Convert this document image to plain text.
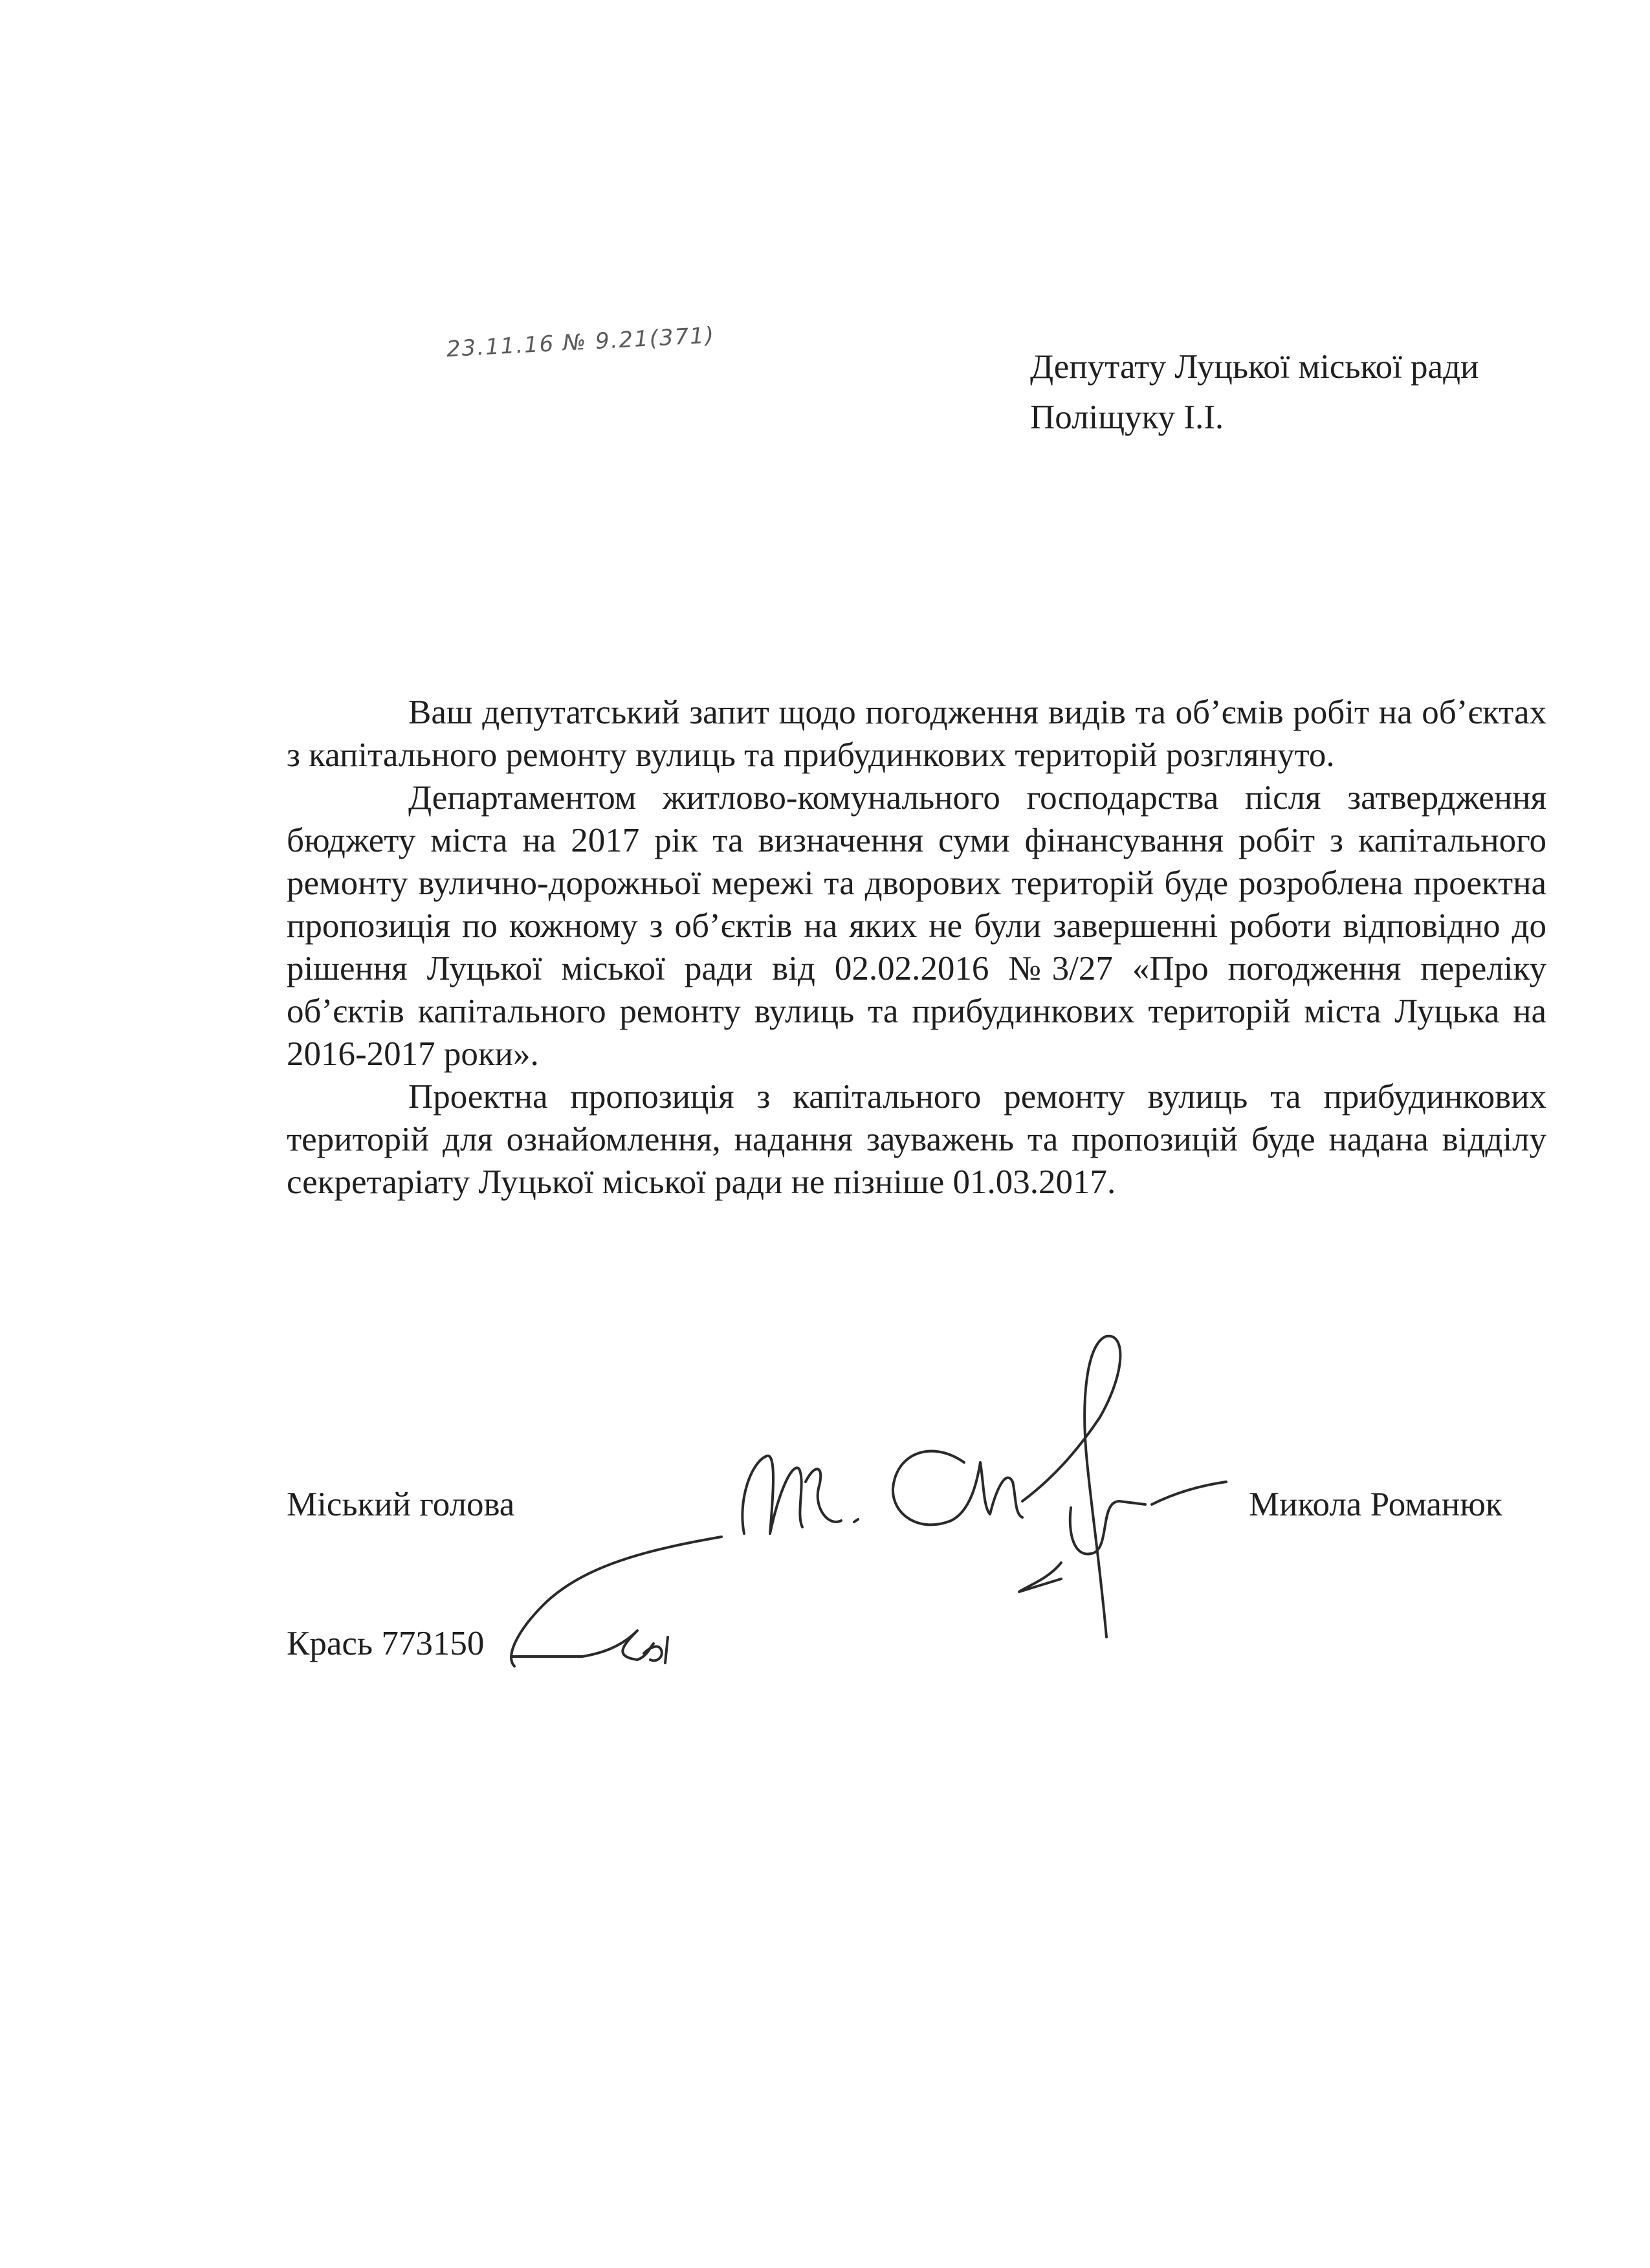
23.11.16 № 9.21(371)
Депутату Луцької міської ради
Поліщуку І.І.

Ваш депутатський запит щодо погодження видів та об’ємів робіт на об’єктах з капітального ремонту вулиць та прибудинкових територій розглянуто.

Департаментом житлово-комунального господарства після затвердження бюджету міста на 2017 рік та визначення суми фінансування робіт з капітального ремонту вулично-дорожньої мережі та дворових територій буде розроблена проектна пропозиція по кожному з об’єктів на яких не були завершенні роботи відповідно до рішення Луцької міської ради від 02.02.2016 №3/27 «Про погодження переліку об’єктів капітального ремонту вулиць та прибудинкових територій міста Луцька на 2016-2017 роки».

Проектна пропозиція з капітального ремонту вулиць та прибудинкових територій для ознайомлення, надання зауважень та пропозицій буде надана відділу секретаріату Луцької міської ради не пізніше 01.03.2017.

Міський голова	Микола Романюк
Крась 773150
